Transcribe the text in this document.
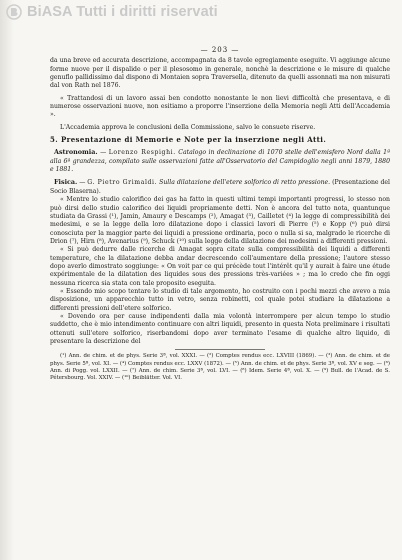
BiASA Tutti i diritti riservati
— 203 —

da una breve ed accurata descrizione, accompagnata da 8 tavole egregiamente eseguite. Vi aggiunge alcune forme nuove per il dispalide o per il plesosomo in generale, nonchè la descrizione e le misure di qualche genuflo pallidissimo dal dispono di Montaien sopra Traversella, ditenuto da quelli assonnati ma non misurati dal von Rath nel 1876.

« Trattandosi di un lavoro assai ben condotto nonostante le non lievi difficoltà che presentava, e di numerose osservazioni nuove, non esitiamo a proporre l'inserzione della Memoria negli Atti dell'Accademia ».

L'Accademia approva le conclusioni della Commissione, salvo le consuete riserve.

5. Presentazione di Memorie e Note per la inserzione negli Atti.

Astronomia. — Lorenzo Respighi. Catalogo in declinazione di 1070 stelle dell'emisfero Nord dalla 1ª alla 6ª grandezza, compilato sulle osservazioni fatte all'Osservatorio del Campidoglio negli anni 1879, 1880 e 1881.

Fisica. — G. Pietro Grimaldi. Sulla dilatazione dell'etere solforico di retto pressione. (Presentazione del Socio Blaserna).

« Mentre lo studio calorifico dei gas ha fatto in questi ultimi tempi importanti progressi, lo stesso non può dirsi dello studio calorifico dei liquidi propriamente detti. Non è ancora del tutto nota, quantunque studiata da Grassi (¹), Jamin, Amaury e Descamps (²), Amagat (³), Cailletet (⁴) la legge di compressibilità dei medesimi, e se la legge della loro dilatazione dopo i classici lavori di Pierre (⁵) e Kopp (⁶) può dirsi conosciuta per la maggior parte dei liquidi a pressione ordinaria, poco o nulla si sa, malgrado le ricerche di Drion (⁷), Hirn (⁸), Avenarius (⁹), Schuck (¹⁰) sulla legge della dilatazione dei medesimi a differenti pressioni.

« Si può dedurre dalle ricerche di Amagat sopra citate sulla compressibilità dei liquidi a differenti temperature, che la dilatazione debba andar decrescendo coll'aumentare della pressione; l'autore stesso dopo averlo dimostrato soggiunge: « On voit par ce qui précède tout l'intérêt qu'il y aurait à faire une étude expérimentale de la dilatation des liquides sous des pressions très-variées » ; ma lo credo che fin oggi nessuna ricerca sia stata con tale proposito eseguita.

« Essendo mio scopo tentare lo studio di tale argomento, ho costruito con i pochi mezzi che avevo a mia disposizione, un apparecchio tutto in vetro, senza robinetti, col quale potei studiare la dilatazione a differenti pressioni dell'etere solforico.

« Dovendo ora per cause indipendenti dalla mia volontà interrompere per alcun tempo lo studio suddetto, che è mio intendimento continuare con altri liquidi, presento in questa Nota preliminare i risultati ottenuti sull'etere solforico, riserbandomi dopo aver terminato l'esame di qualche altro liquido, di presentare la descrizione del

(¹) Ann. de chim. et de phys. Serie 3ª, vol. XXXI. — (²) Comptes rendus ecc. LXVIII (1869). — (³) Ann. de chim. et de phys. Serie 5ª, vol. XI. — (⁴) Comptes rendus ecc. LXXV (1872). — (⁵) Ann. de chim. et de phys. Serie 3ª, vol. XV e seg. — (⁶) Ann. di Pogg. vol. LXXII. — (⁷) Ann. de chim. Serie 3ª, vol. LVI. — (⁸) Idem. Serie 4ª, vol. X. — (⁹) Bull. de l'Acad. de S. Pétersbourg. Vol. XXIV. — (¹⁰) Beiblätter. Vol. VI.
